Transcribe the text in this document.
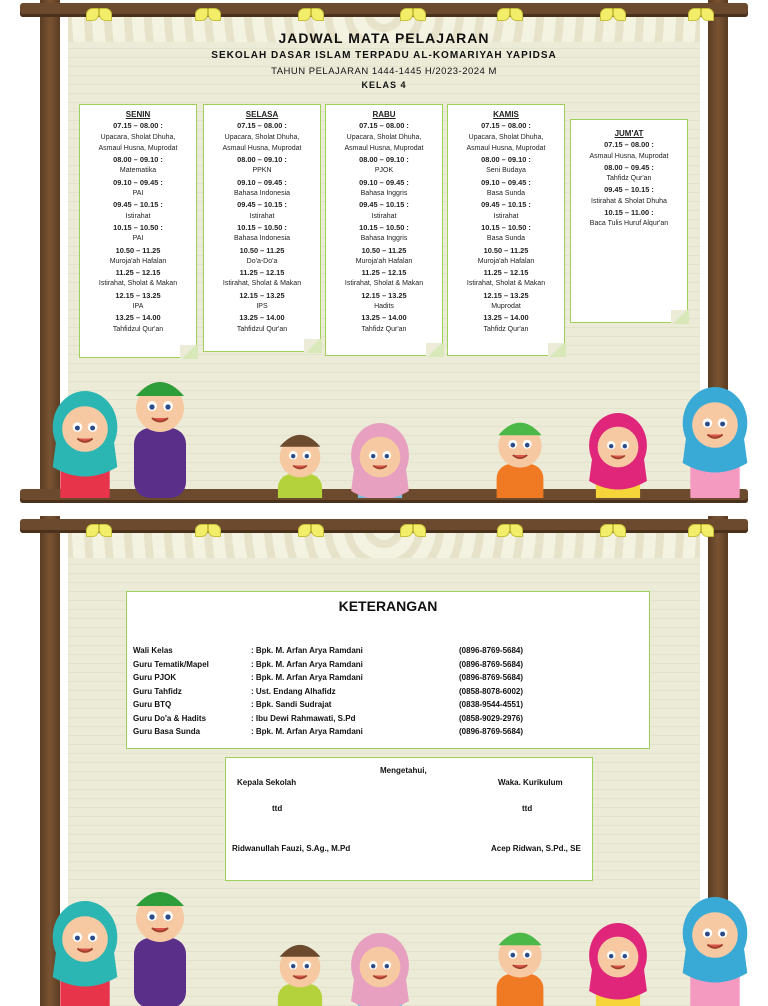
JADWAL MATA PELAJARAN
SEKOLAH DASAR ISLAM TERPADU AL-KOMARIYAH YAPIDSA
TAHUN PELAJARAN 1444-1445 H/2023-2024 M
KELAS 4
SENIN
07.15 – 08.00 :
Upacara, Sholat Dhuha,
Asmaul Husna, Muprodat
08.00 – 09.10 :
Matematika
09.10 – 09.45 :
PAI
09.45 – 10.15 :
Istirahat
10.15 – 10.50 :
PAI
10.50 – 11.25
Muroja'ah Hafalan
11.25 – 12.15
Istirahat, Sholat & Makan
12.15 – 13.25
IPA
13.25 – 14.00
Tahfidzul Qur'an
SELASA
07.15 – 08.00 :
Upacara, Sholat Dhuha,
Asmaul Husna, Muprodat
08.00 – 09.10 :
PPKN
09.10 – 09.45 :
Bahasa Indonesia
09.45 – 10.15 :
Istirahat
10.15 – 10.50 :
Bahasa Indonesia
10.50 – 11.25
Do'a-Do'a
11.25 – 12.15
Istirahat, Sholat & Makan
12.15 – 13.25
IPS
13.25 – 14.00
Tahfidzul Qur'an
RABU
07.15 – 08.00 :
Upacara, Sholat Dhuha,
Asmaul Husna, Muprodat
08.00 – 09.10 :
PJOK
09.10 – 09.45 :
Bahasa Inggris
09.45 – 10.15 :
Istirahat
10.15 – 10.50 :
Bahasa Inggris
10.50 – 11.25
Muroja'ah Hafalan
11.25 – 12.15
Istirahat, Sholat & Makan
12.15 – 13.25
Hadits
13.25 – 14.00
Tahfidz Qur'an
KAMIS
07.15 – 08.00 :
Upacara, Sholat Dhuha,
Asmaul Husna, Muprodat
08.00 – 09.10 :
Seni Budaya
09.10 – 09.45 :
Basa Sunda
09.45 – 10.15 :
Istirahat
10.15 – 10.50 :
Basa Sunda
10.50 – 11.25
Muroja'ah Hafalan
11.25 – 12.15
Istirahat, Sholat & Makan
12.15 – 13.25
Muprodat
13.25 – 14.00
Tahfidz Qur'an
JUM'AT
07.15 – 08.00 :
Asmaul Husna, Muprodat
08.00 – 09.45 :
Tahfidz Qur'an
09.45 – 10.15 :
Istirahat & Sholat Dhuha
10.15 – 11.00 :
Baca Tulis Huruf Alqur'an
KETERANGAN
Wali Kelas	: Bpk. M. Arfan Arya Ramdani	(0896-8769-5684)
Guru Tematik/Mapel	: Bpk. M. Arfan Arya Ramdani	(0896-8769-5684)
Guru PJOK	: Bpk. M. Arfan Arya Ramdani	(0896-8769-5684)
Guru Tahfidz	: Ust. Endang Alhafidz	(0858-8078-6002)
Guru BTQ	: Bpk. Sandi Sudrajat	(0838-9544-4551)
Guru Do'a & Hadits	: Ibu Dewi Rahmawati, S.Pd	(0858-9029-2976)
Guru Basa Sunda	: Bpk. M. Arfan Arya Ramdani	(0896-8769-5684)
Mengetahui,
Kepala Sekolah	Waka. Kurikulum
ttd	ttd
Ridwanullah Fauzi, S.Ag., M.Pd	Acep Ridwan, S.Pd., SE
